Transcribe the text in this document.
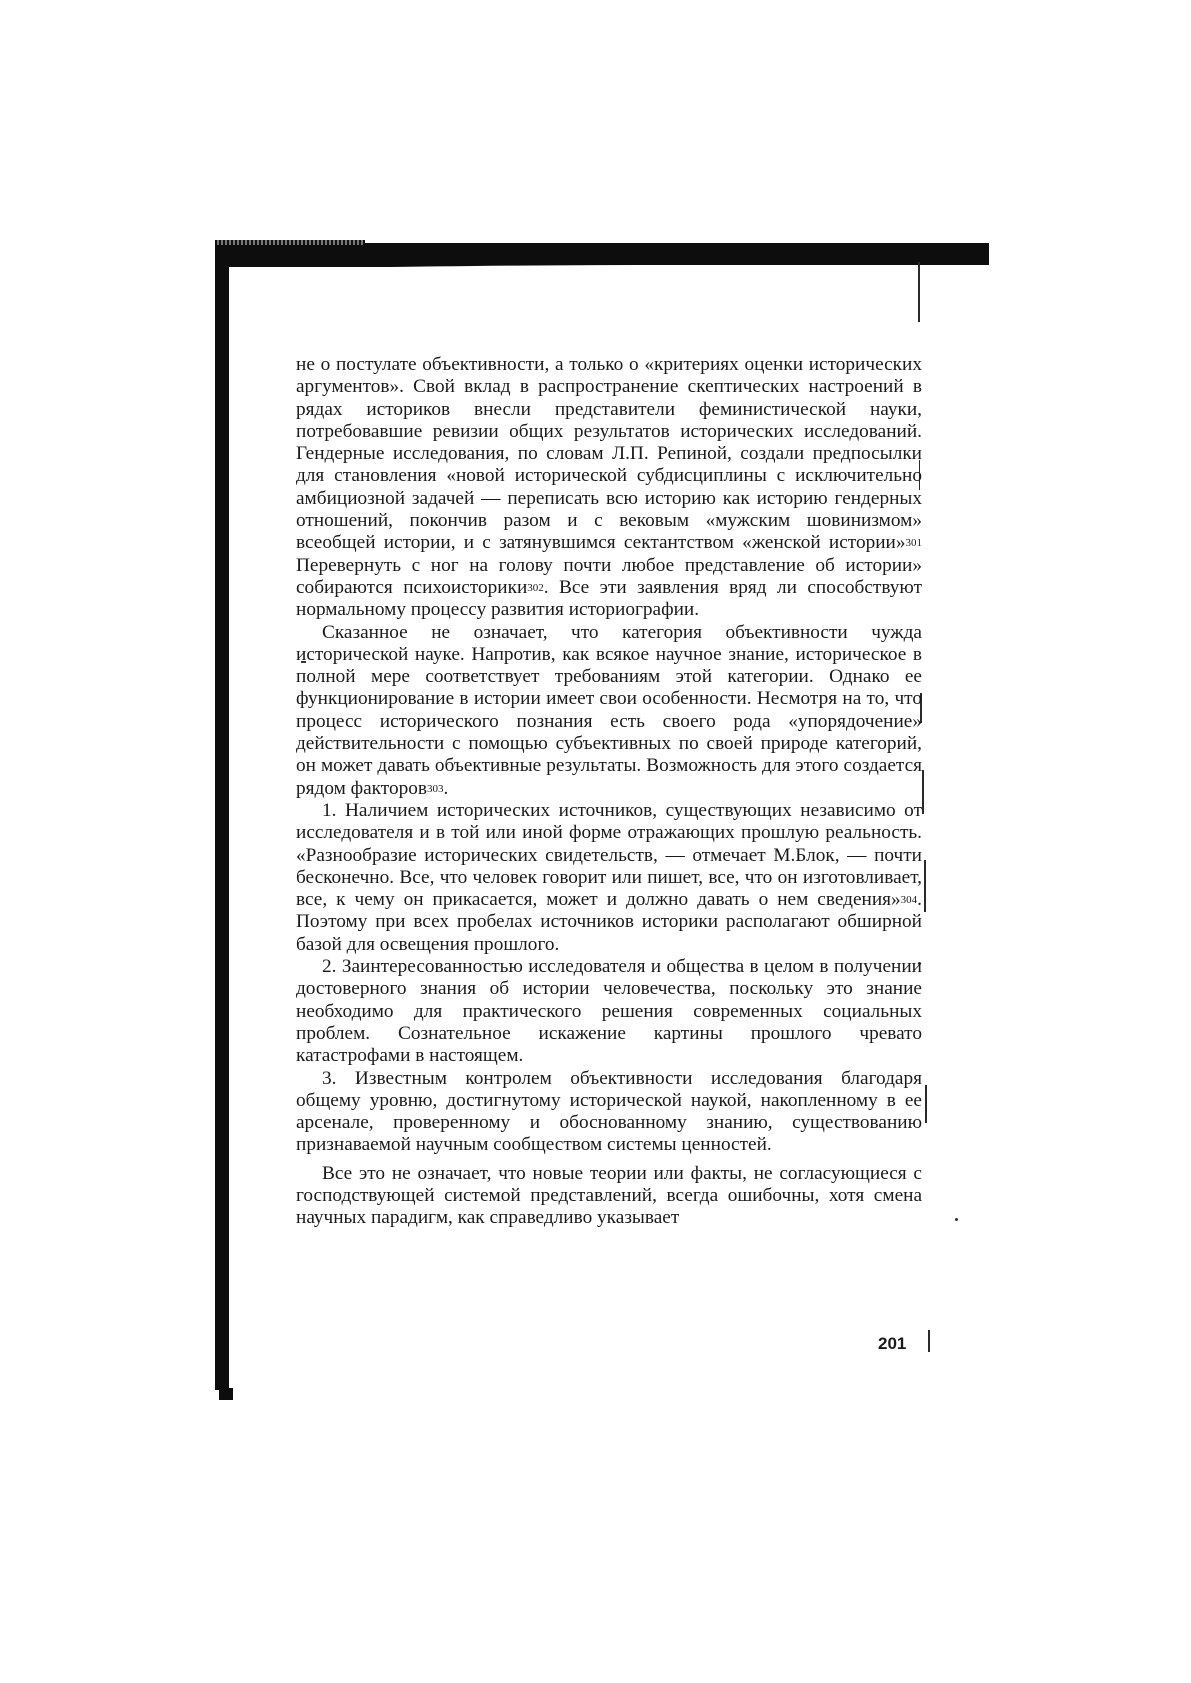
не о постулате объективности, а только о «критериях оценки исторических аргументов». Свой вклад в распространение скептических настроений в рядах историков внесли представители феминистической науки, потребовавшие ревизии общих результатов исторических исследований. Гендерные исследования, по словам Л.П. Репиной, создали предпосылки для становления «новой исторической субдисциплины с исключительно амбициозной задачей — переписать всю историю как историю гендерных отношений, покончив разом и с вековым «мужским шовинизмом» всеобщей истории, и с затянувшимся сектантством «женской истории»$^{301}$ Перевернуть с ног на голову почти любое представление об истории» собираются психоисторики$^{302}$. Все эти заявления вряд ли способствуют нормальному процессу развития историографии.

Сказанное не означает, что категория объективности чужда исторической науке. Напротив, как всякое научное знание, историческое в полной мере соответствует требованиям этой категории. Однако ее функционирование в истории имеет свои особенности. Несмотря на то, что процесс исторического познания есть своего рода «упорядочение» действительности с помощью субъективных по своей природе категорий, он может давать объективные результаты. Возможность для этого создается рядом факторов$^{303}$.

1. Наличием исторических источников, существующих независимо от исследователя и в той или иной форме отражающих прошлую реальность. «Разнообразие исторических свидетельств, — отмечает М.Блок, — почти бесконечно. Все, что человек говорит или пишет, все, что он изготовливает, все, к чему он прикасается, может и должно давать о нем сведения»$^{304}$. Поэтому при всех пробелах источников историки располагают обширной базой для освещения прошлого.

2. Заинтересованностью исследователя и общества в целом в получении достоверного знания об истории человечества, поскольку это знание необходимо для практического решения современных социальных проблем. Сознательное искажение картины прошлого чревато катастрофами в настоящем.

3. Известным контролем объективности исследования благодаря общему уровню, достигнутому исторической наукой, накопленному в ее арсенале, проверенному и обоснованному знанию, существованию признаваемой научным сообществом системы ценностей.

Все это не означает, что новые теории или факты, не согласующиеся с господствующей системой представлений, всегда ошибочны, хотя смена научных парадигм, как справедливо указывает

201
